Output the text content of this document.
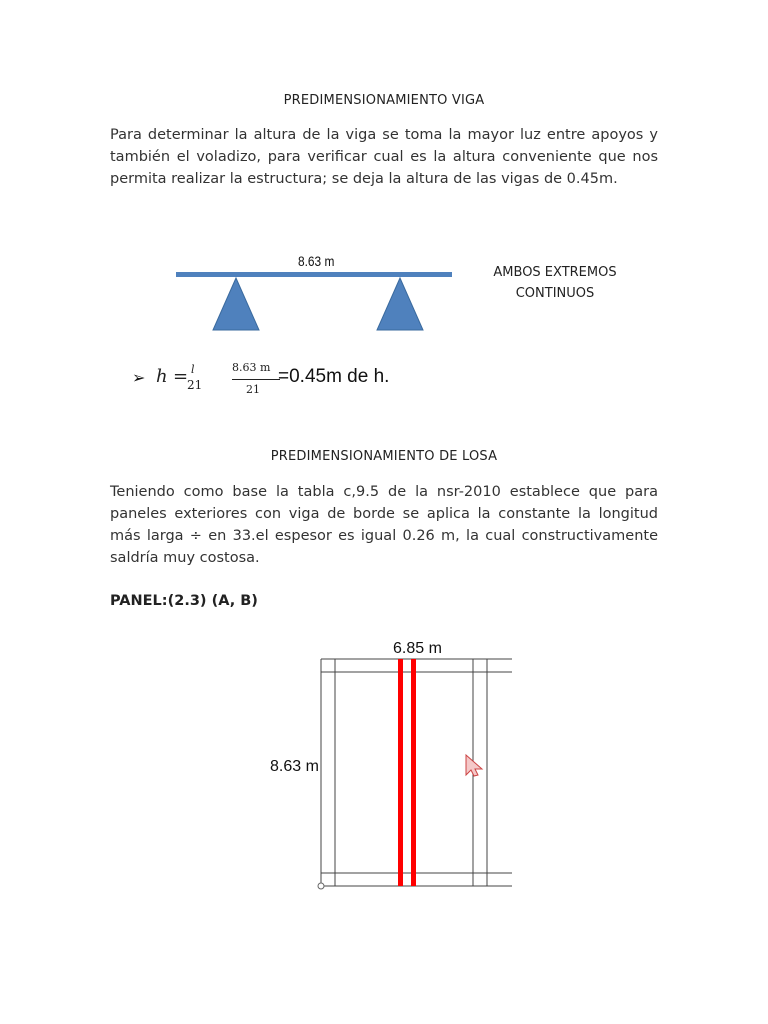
PREDIMENSIONAMIENTO VIGA
Para determinar la altura de la viga se toma la mayor luz entre apoyos y también el voladizo, para verificar cual es la altura conveniente que nos permita realizar la estructura; se deja la altura de las vigas de 0.45m.
8.63 m
AMBOS EXTREMOS
CONTINUOS
➢ h = l
21
8.63 m
21
=0.45m de h.
PREDIMENSIONAMIENTO DE LOSA
Teniendo como base la tabla c,9.5 de la nsr-2010 establece que para paneles exteriores con viga de borde se aplica la constante la longitud más larga ÷ en 33.el espesor es igual 0.26 m, la cual constructivamente saldría muy costosa.
PANEL:(2.3) (A, B)
6.85 m
8.63 m
